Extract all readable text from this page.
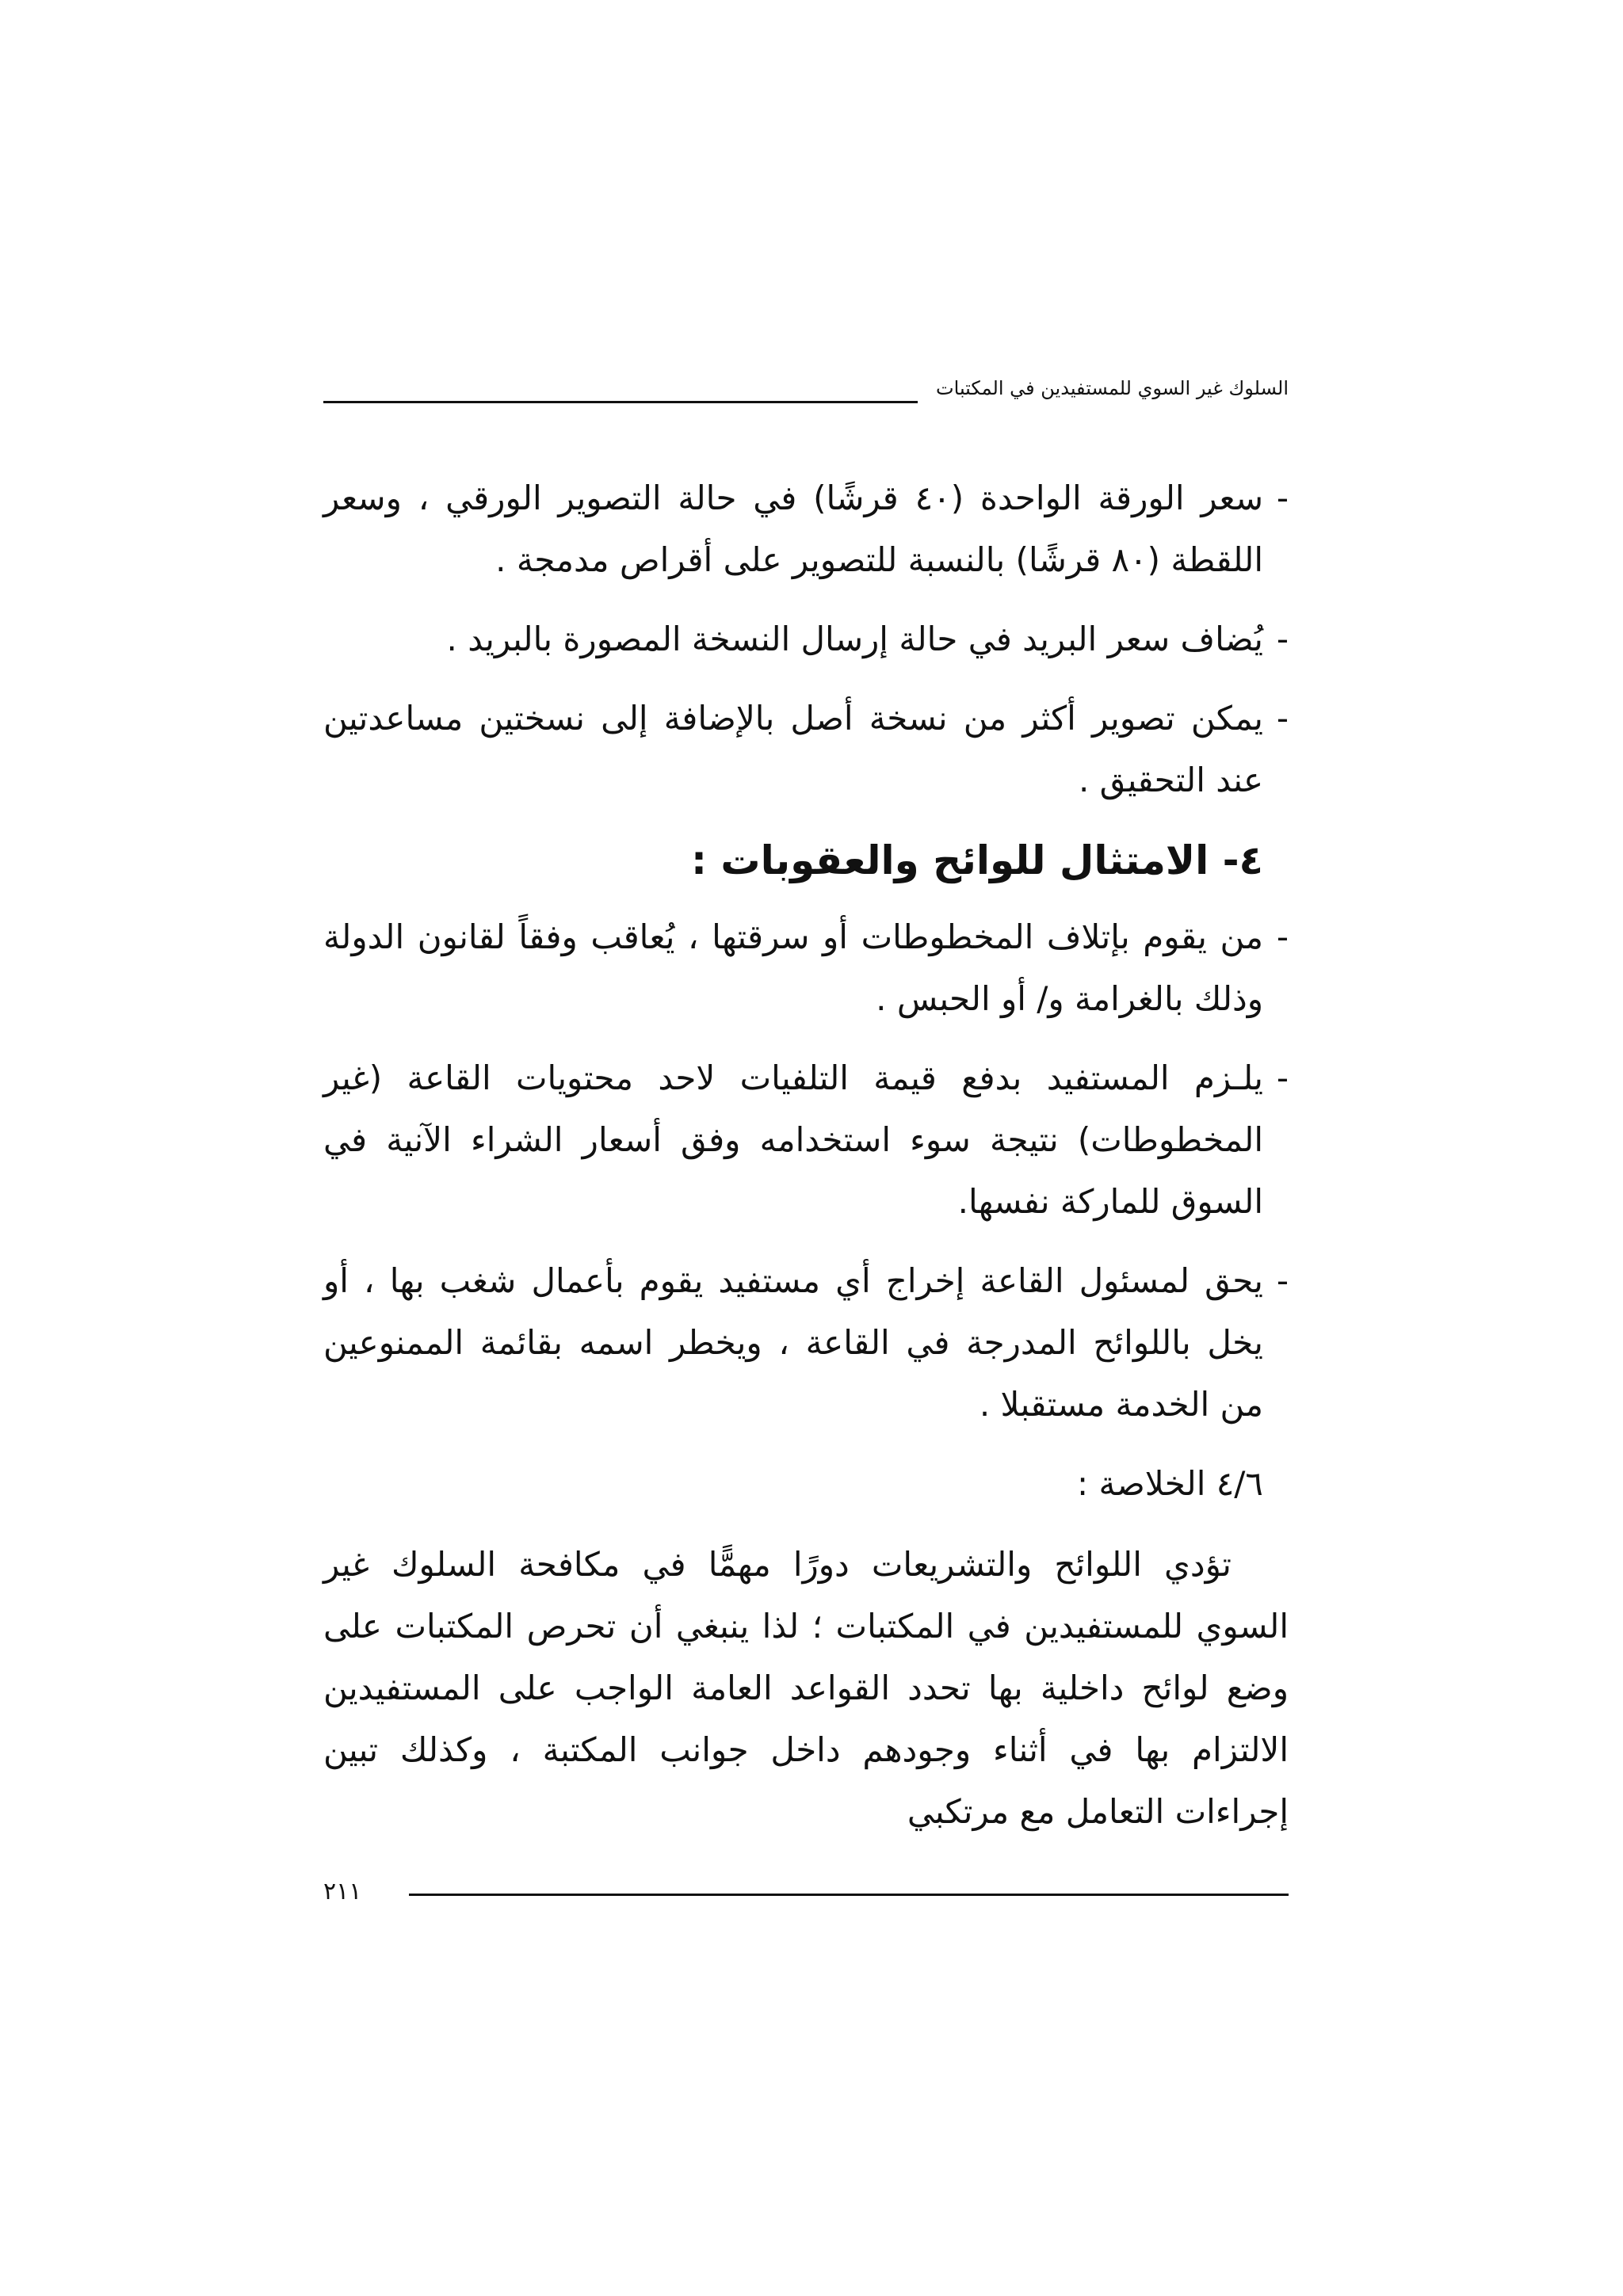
السلوك غير السوي للمستفيدين في المكتبات

-
سعر الورقة الواحدة (٤٠ قرشًا) في حالة التصوير الورقي ، وسعر اللقطة (٨٠ قرشًا) بالنسبة للتصوير على أقراص مدمجة .

-
يُضاف سعر البريد في حالة إرسال النسخة المصورة بالبريد .

-
يمكن تصوير أكثر من نسخة أصل بالإضافة إلى نسختين مساعدتين عند التحقيق .

٤- الامتثال للوائح والعقوبات :

-
من يقوم بإتلاف المخطوطات أو سرقتها ، يُعاقب وفقاً لقانون الدولة وذلك بالغرامة و/ أو الحبس .

-
يلـزم المستفيد بدفع قيمة التلفيات لاحد محتويات القاعة (غير المخطوطات) نتيجة سوء استخدامه وفق أسعار الشراء الآنية في السوق للماركة نفسها.

-
يحق لمسئول القاعة إخراج أي مستفيد يقوم بأعمال شغب بها ، أو يخل باللوائح المدرجة في القاعة ، ويخطر اسمه بقائمة الممنوعين من الخدمة مستقبلا .

٤/٦ الخلاصة :

تؤدي اللوائح والتشريعات دورًا مهمًّا في مكافحة السلوك غير السوي للمستفيدين في المكتبات ؛ لذا ينبغي أن تحرص المكتبات على وضع لوائح داخلية بها تحدد القواعد العامة الواجب على المستفيدين الالتزام بها في أثناء وجودهم داخل جوانب المكتبة ، وكذلك تبين إجراءات التعامل مع مرتكبي

٢١١
